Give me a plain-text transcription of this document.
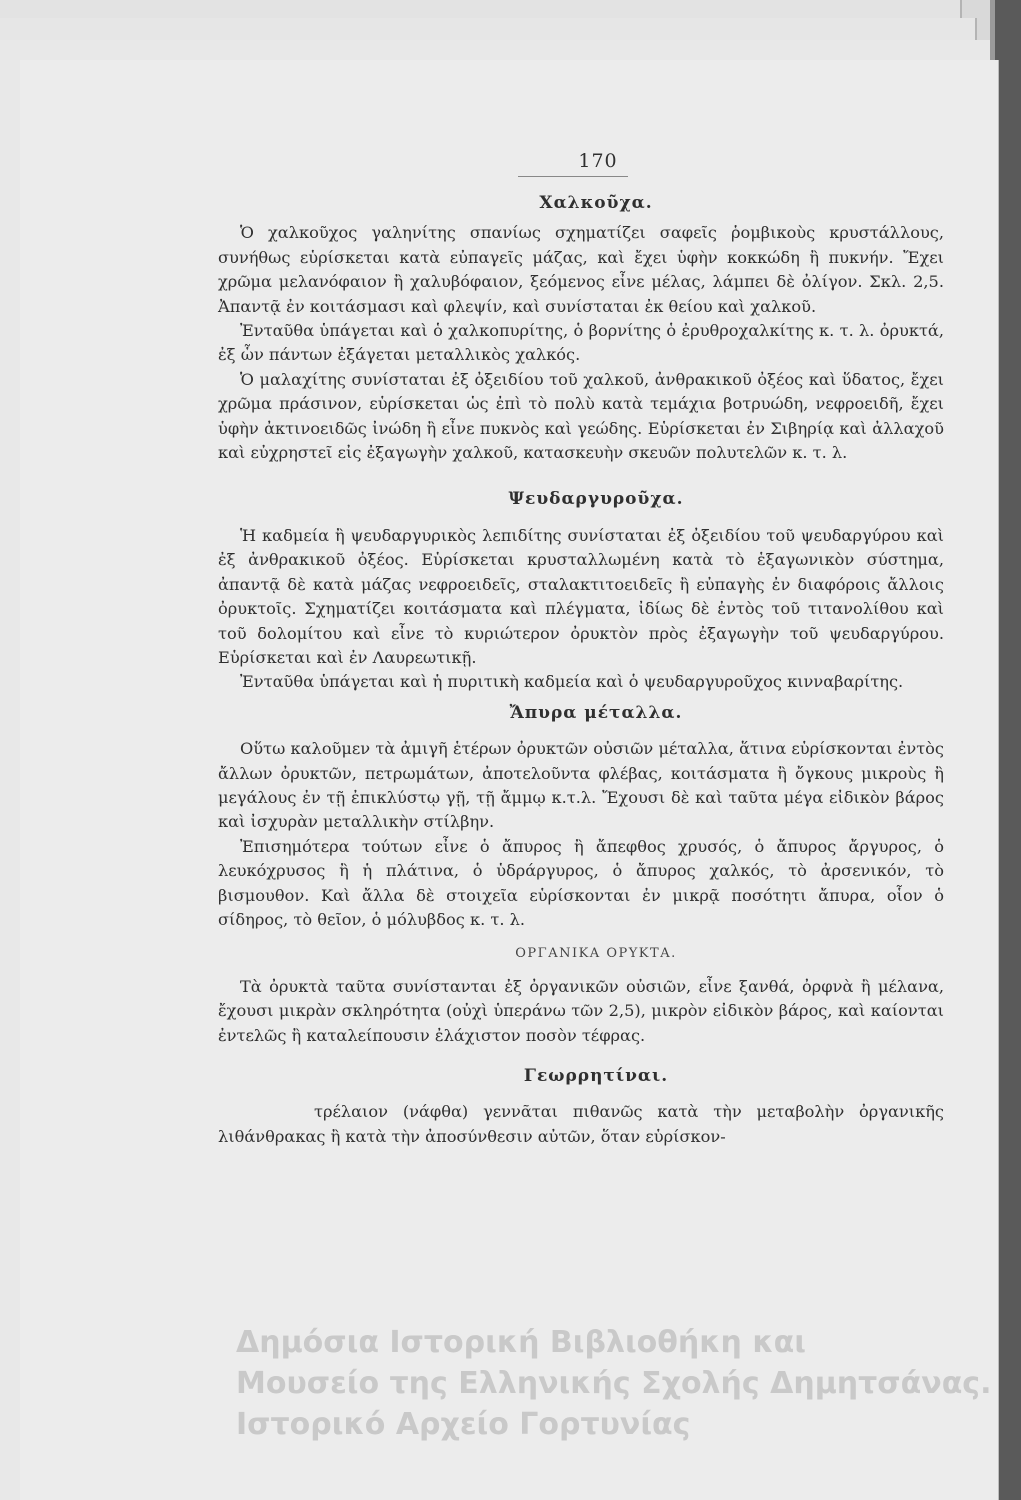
170
Χαλκοῦχα.

Ὁ χαλκοῦχος γαληνίτης σπανίως σχηματίζει σαφεῖς ῥομβικοὺς κρυστάλλους, συνήθως εὑρίσκεται κατὰ εὐπαγεῖς μάζας, καὶ ἔχει ὑφὴν κοκκώδη ἢ πυκνήν. Ἔχει χρῶμα μελανόφαιον ἢ χαλυβόφαιον, ξεόμενος εἶνε μέλας, λάμπει δὲ ὀλίγον. Σκλ. 2,5. Ἀπαντᾷ ἐν κοιτάσμασι καὶ φλεψίν, καὶ συνίσταται ἐκ θείου καὶ χαλκοῦ.

Ἐνταῦθα ὑπάγεται καὶ ὁ χαλκοπυρίτης, ὁ βορνίτης ὁ ἐρυθροχαλκίτης κ. τ. λ. ὀρυκτά, ἐξ ὧν πάντων ἐξάγεται μεταλλικὸς χαλκός.

Ὁ μαλαχίτης συνίσταται ἐξ ὀξειδίου τοῦ χαλκοῦ, ἀνθρακικοῦ ὀξέος καὶ ὕδατος, ἔχει χρῶμα πράσινον, εὑρίσκεται ὡς ἐπὶ τὸ πολὺ κατὰ τεμάχια βοτρυώδη, νεφροειδῆ, ἔχει ὑφὴν ἀκτινοειδῶς ἰνώδη ἢ εἶνε πυκνὸς καὶ γεώδης. Εὑρίσκεται ἐν Σιβηρίᾳ καὶ ἀλλαχοῦ καὶ εὐχρηστεῖ εἰς ἐξαγωγὴν χαλκοῦ, κατασκευὴν σκευῶν πολυτελῶν κ. τ. λ.

Ψευδαργυροῦχα.

Ἡ καδμεία ἢ ψευδαργυρικὸς λεπιδίτης συνίσταται ἐξ ὀξειδίου τοῦ ψευδαργύρου καὶ ἐξ ἀνθρακικοῦ ὀξέος. Εὑρίσκεται κρυσταλλωμένη κατὰ τὸ ἑξαγωνικὸν σύστημα, ἀπαντᾷ δὲ κατὰ μάζας νεφροειδεῖς, σταλακτιτοειδεῖς ἢ εὐπαγὴς ἐν διαφόροις ἄλλοις ὀρυκτοῖς. Σχηματίζει κοιτάσματα καὶ πλέγματα, ἰδίως δὲ ἐντὸς τοῦ τιτανολίθου καὶ τοῦ δολομίτου καὶ εἶνε τὸ κυριώτερον ὀρυκτὸν πρὸς ἐξαγωγὴν τοῦ ψευδαργύρου. Εὑρίσκεται καὶ ἐν Λαυρεωτικῇ.

Ἐνταῦθα ὑπάγεται καὶ ἡ πυριτικὴ καδμεία καὶ ὁ ψευδαργυροῦχος κινναβαρίτης.

Ἄπυρα μέταλλα.

Οὕτω καλοῦμεν τὰ ἀμιγῆ ἑτέρων ὀρυκτῶν οὐσιῶν μέταλλα, ἅτινα εὑρίσκονται ἐντὸς ἄλλων ὀρυκτῶν, πετρωμάτων, ἀποτελοῦντα φλέβας, κοιτάσματα ἢ ὄγκους μικροὺς ἢ μεγάλους ἐν τῇ ἐπικλύστῳ γῇ, τῇ ἄμμῳ κ.τ.λ. Ἔχουσι δὲ καὶ ταῦτα μέγα εἰδικὸν βάρος καὶ ἰσχυρὰν μεταλλικὴν στίλβην.

Ἐπισημότερα τούτων εἶνε ὁ ἄπυρος ἢ ἄπεφθος χρυσός, ὁ ἄπυρος ἄργυρος, ὁ λευκόχρυσος ἢ ἡ πλάτινα, ὁ ὑδράργυρος, ὁ ἄπυρος χαλκός, τὸ ἀρσενικόν, τὸ βισμουθον. Καὶ ἄλλα δὲ στοιχεῖα εὑρίσκονται ἐν μικρᾷ ποσότητι ἄπυρα, οἷον ὁ σίδηρος, τὸ θεῖον, ὁ μόλυβδος κ. τ. λ.

ΟΡΓΑΝΙΚΑ ΟΡΥΚΤΑ.

Τὰ ὀρυκτὰ ταῦτα συνίστανται ἐξ ὀργανικῶν οὐσιῶν, εἶνε ξανθά, ὀρφνὰ ἢ μέλανα, ἔχουσι μικρὰν σκληρότητα (οὐχὶ ὑπεράνω τῶν 2,5), μικρὸν εἰδικὸν βάρος, καὶ καίονται ἐντελῶς ἢ καταλείπουσιν ἐλάχιστον ποσὸν τέφρας.

Γεωρρητίναι.

τρέλαιον (νάφθα) γεννᾶται πιθανῶς κατὰ τὴν μεταβολὴν ὀργανικῆς λιθάνθρακας ἢ κατὰ τὴν ἀποσύνθεσιν αὐτῶν, ὅταν εὑρίσκον-

Δημόσια Ιστορική Βιβλιοθήκη και
Μουσείο της Ελληνικής Σχολής Δημητσάνας.
Ιστορικό Αρχείο Γορτυνίας
